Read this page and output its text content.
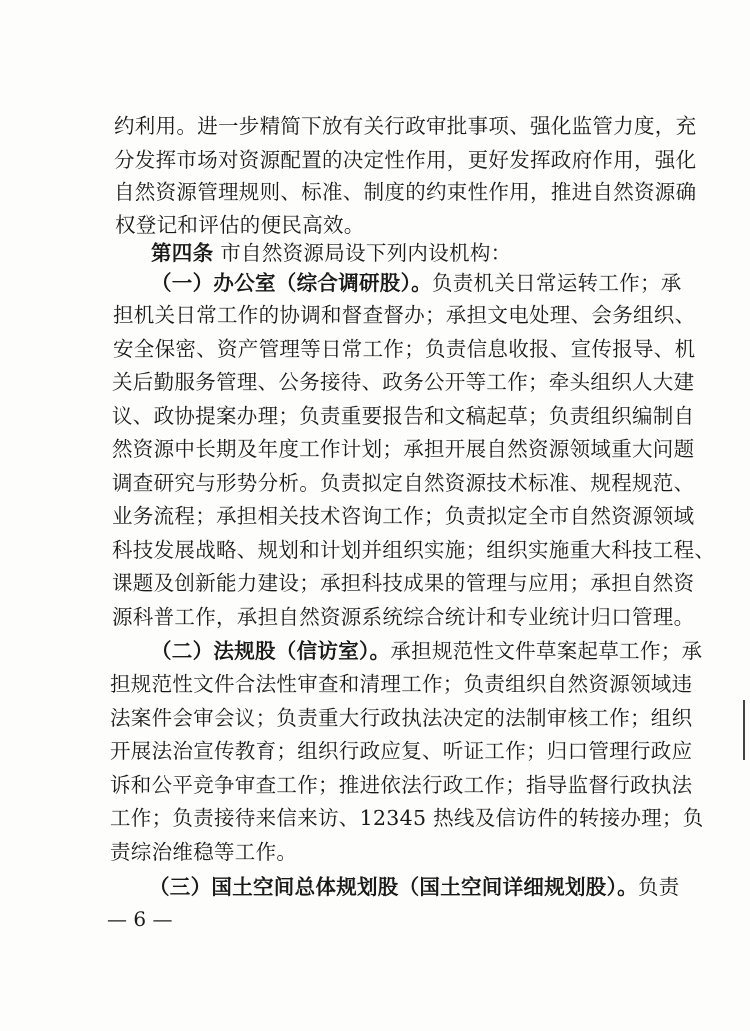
约利用。进一步精简下放有关行政审批事项、强化监管力度，充
分发挥市场对资源配置的决定性作用，更好发挥政府作用，强化
自然资源管理规则、标准、制度的约束性作用，推进自然资源确
权登记和评估的便民高效。
第四条 市自然资源局设下列内设机构：
（一）办公室（综合调研股）。负责机关日常运转工作；承
担机关日常工作的协调和督查督办；承担文电处理、会务组织、
安全保密、资产管理等日常工作；负责信息收报、宣传报导、机
关后勤服务管理、公务接待、政务公开等工作；牵头组织人大建
议、政协提案办理；负责重要报告和文稿起草；负责组织编制自
然资源中长期及年度工作计划；承担开展自然资源领域重大问题
调查研究与形势分析。负责拟定自然资源技术标准、规程规范、
业务流程；承担相关技术咨询工作；负责拟定全市自然资源领域
科技发展战略、规划和计划并组织实施；组织实施重大科技工程、
课题及创新能力建设；承担科技成果的管理与应用；承担自然资
源科普工作，承担自然资源系统综合统计和专业统计归口管理。
（二）法规股（信访室）。承担规范性文件草案起草工作；承
担规范性文件合法性审查和清理工作；负责组织自然资源领域违
法案件会审会议；负责重大行政执法决定的法制审核工作；组织
开展法治宣传教育；组织行政应复、听证工作；归口管理行政应
诉和公平竞争审查工作；推进依法行政工作；指导监督行政执法
工作；负责接待来信来访、12345 热线及信访件的转接办理；负
责综治维稳等工作。
（三）国土空间总体规划股（国土空间详细规划股）。负责
— 6 —
